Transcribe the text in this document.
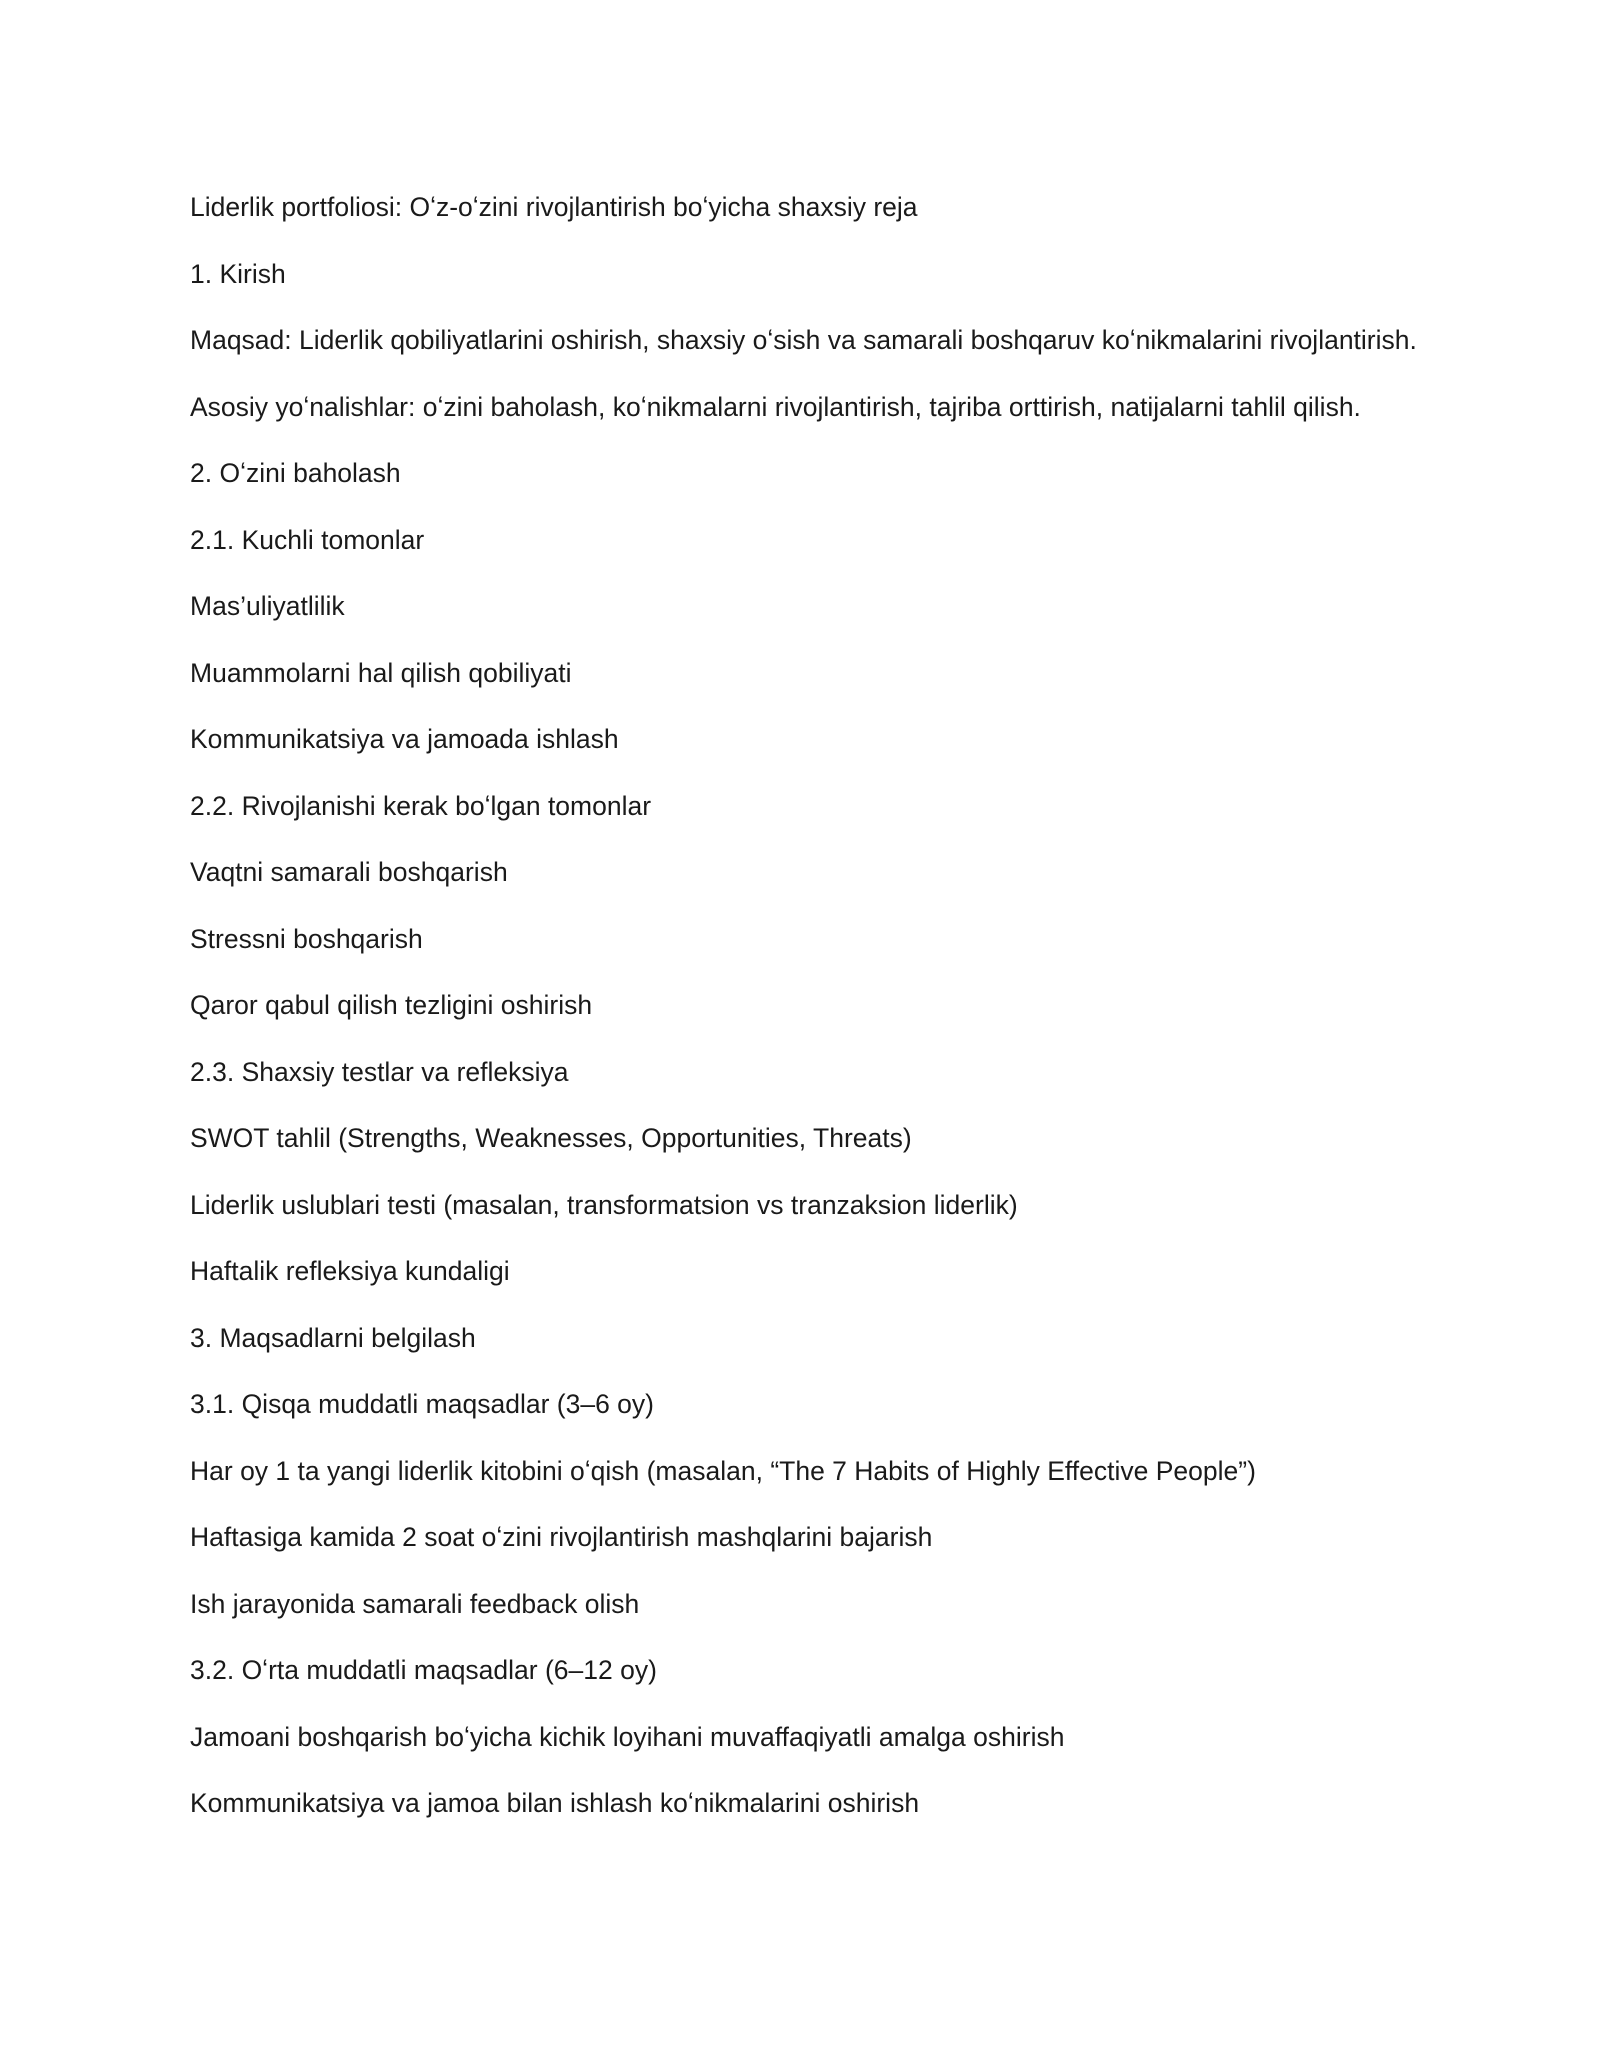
Liderlik portfoliosi: Oʻz-oʻzini rivojlantirish boʻyicha shaxsiy reja

1. Kirish

Maqsad: Liderlik qobiliyatlarini oshirish, shaxsiy oʻsish va samarali boshqaruv koʻnikmalarini rivojlantirish.

Asosiy yoʻnalishlar: oʻzini baholash, koʻnikmalarni rivojlantirish, tajriba orttirish, natijalarni tahlil qilish.

2. Oʻzini baholash

2.1. Kuchli tomonlar

Mas’uliyatlilik

Muammolarni hal qilish qobiliyati

Kommunikatsiya va jamoada ishlash

2.2. Rivojlanishi kerak boʻlgan tomonlar

Vaqtni samarali boshqarish

Stressni boshqarish

Qaror qabul qilish tezligini oshirish

2.3. Shaxsiy testlar va refleksiya

SWOT tahlil (Strengths, Weaknesses, Opportunities, Threats)

Liderlik uslublari testi (masalan, transformatsion vs tranzaksion liderlik)

Haftalik refleksiya kundaligi

3. Maqsadlarni belgilash

3.1. Qisqa muddatli maqsadlar (3–6 oy)

Har oy 1 ta yangi liderlik kitobini oʻqish (masalan, “The 7 Habits of Highly Effective People”)

Haftasiga kamida 2 soat oʻzini rivojlantirish mashqlarini bajarish

Ish jarayonida samarali feedback olish

3.2. Oʻrta muddatli maqsadlar (6–12 oy)

Jamoani boshqarish boʻyicha kichik loyihani muvaffaqiyatli amalga oshirish

Kommunikatsiya va jamoa bilan ishlash koʻnikmalarini oshirish
